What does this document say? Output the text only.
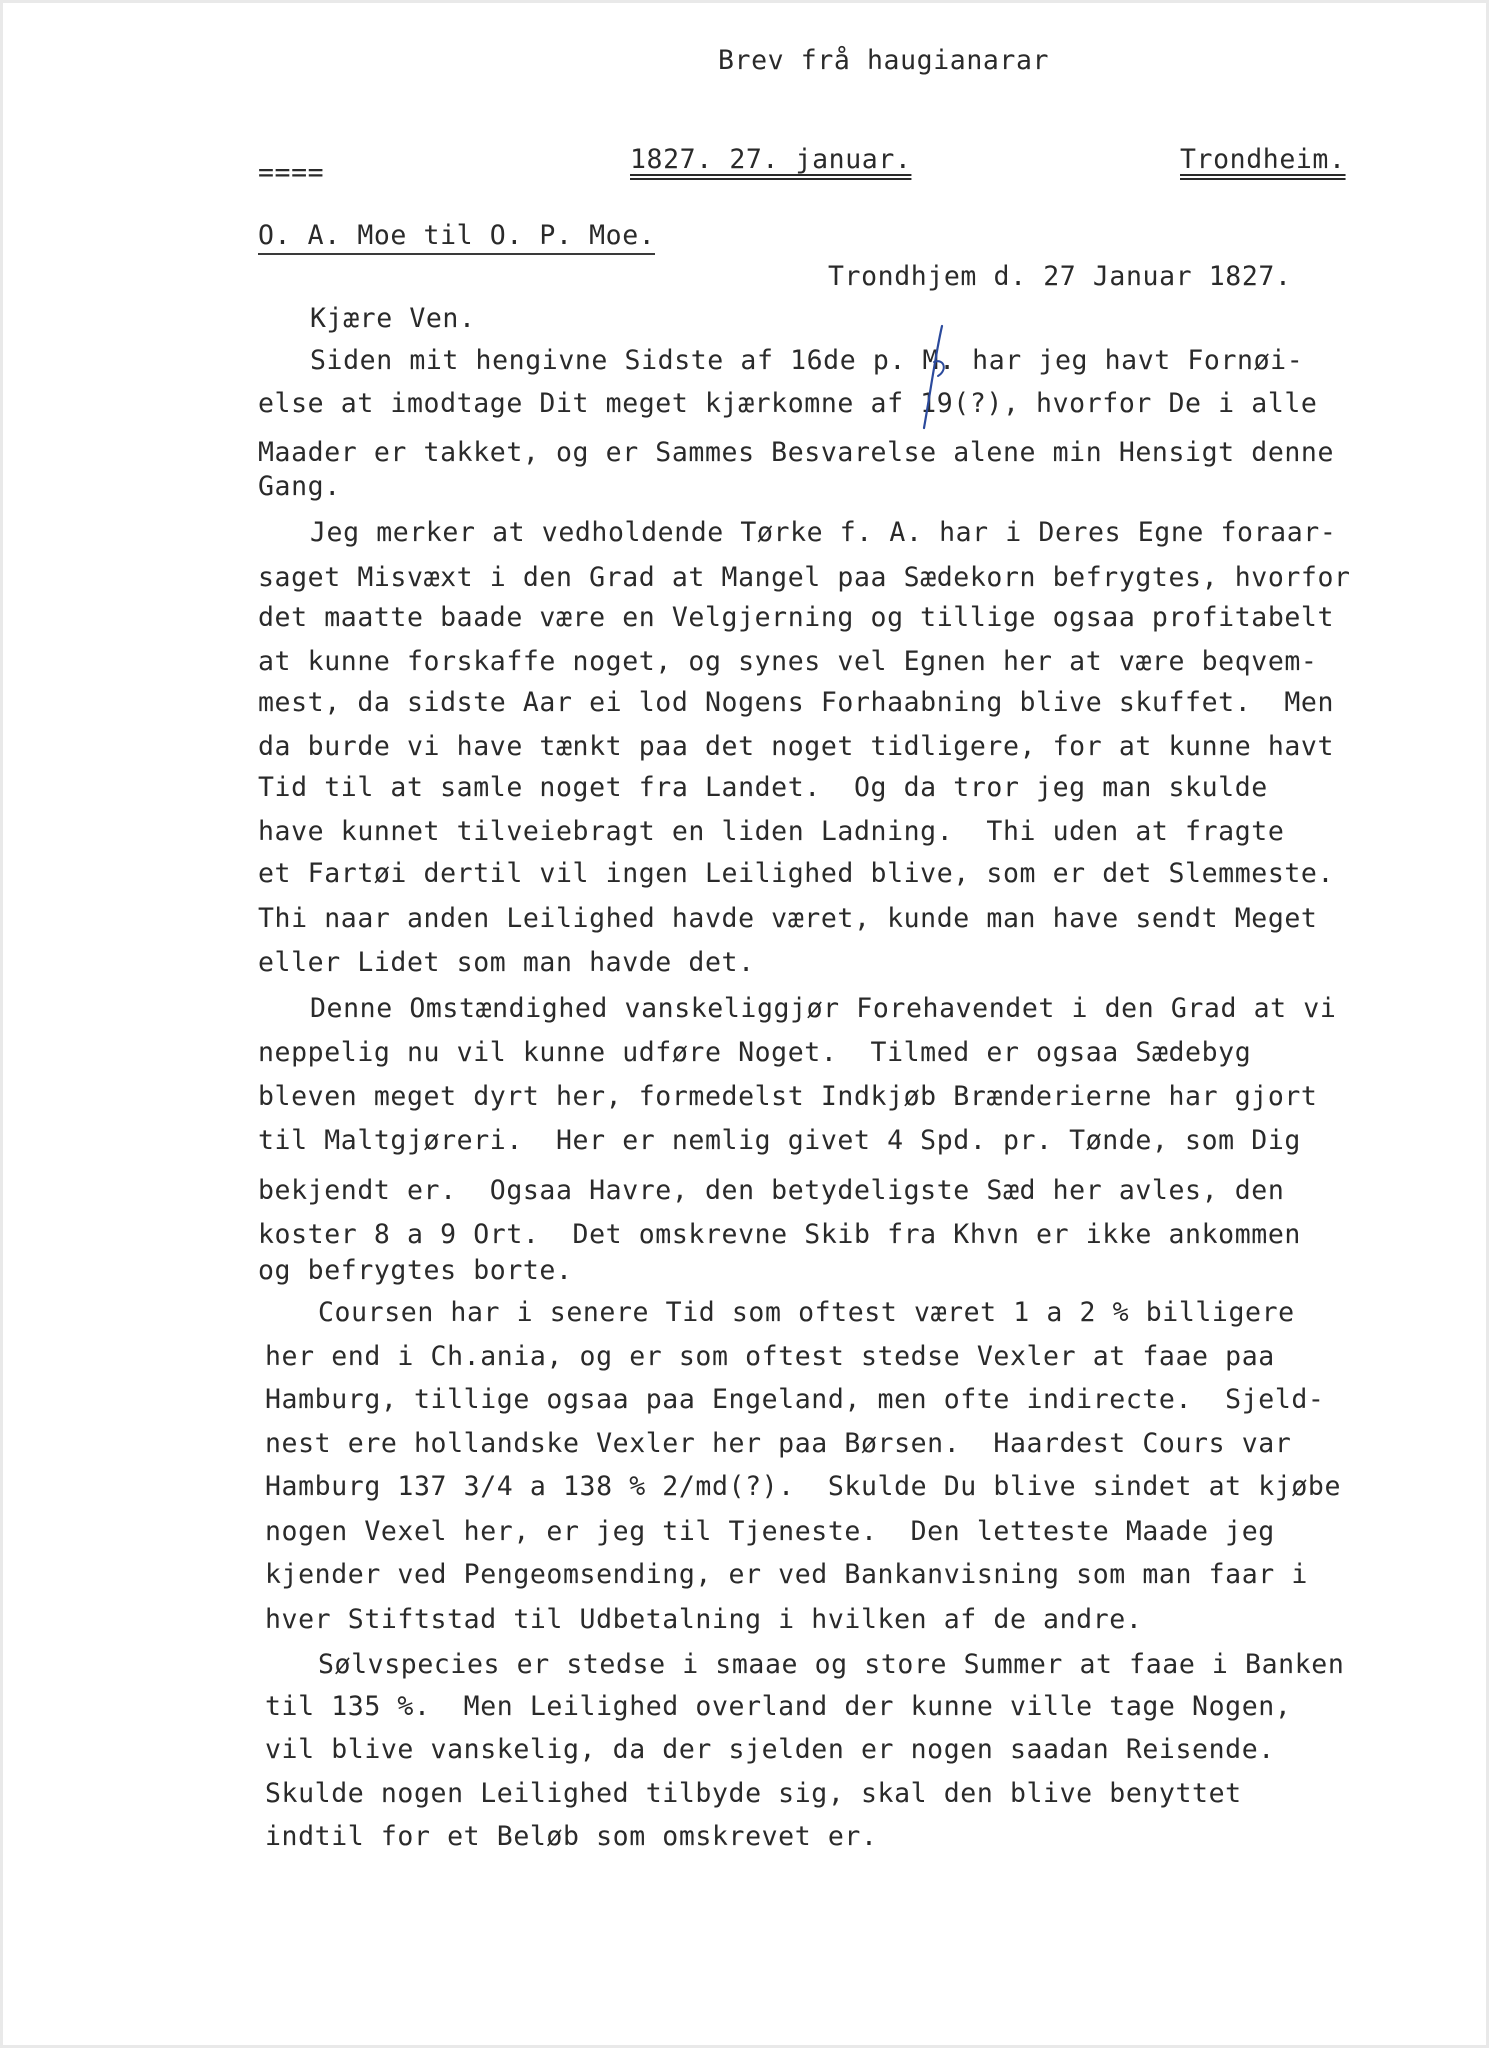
Brev frå haugianarar
====	1827. 27. januar.	Trondheim.
O. A. Moe til O. P. Moe.
Trondhjem d. 27 Januar 1827.
Kjære Ven.
Siden mit hengivne Sidste af 16de p. M. har jeg havt Fornøi-
else at imodtage Dit meget kjærkomne af 19(?), hvorfor De i alle
Maader er takket, og er Sammes Besvarelse alene min Hensigt denne
Gang.
Jeg merker at vedholdende Tørke f. A. har i Deres Egne foraar-
saget Misvæxt i den Grad at Mangel paa Sædekorn befrygtes, hvorfor
det maatte baade være en Velgjerning og tillige ogsaa profitabelt
at kunne forskaffe noget, og synes vel Egnen her at være beqvem-
mest, da sidste Aar ei lod Nogens Forhaabning blive skuffet.  Men
da burde vi have tænkt paa det noget tidligere, for at kunne havt
Tid til at samle noget fra Landet.  Og da tror jeg man skulde
have kunnet tilveiebragt en liden Ladning.  Thi uden at fragte
et Fartøi dertil vil ingen Leilighed blive, som er det Slemmeste.
Thi naar anden Leilighed havde været, kunde man have sendt Meget
eller Lidet som man havde det.
Denne Omstændighed vanskeliggjør Forehavendet i den Grad at vi
neppelig nu vil kunne udføre Noget.  Tilmed er ogsaa Sædebyg
bleven meget dyrt her, formedelst Indkjøb Brænderierne har gjort
til Maltgjøreri.  Her er nemlig givet 4 Spd. pr. Tønde, som Dig
bekjendt er.  Ogsaa Havre, den betydeligste Sæd her avles, den
koster 8 a 9 Ort.  Det omskrevne Skib fra Khvn er ikke ankommen
og befrygtes borte.
Coursen har i senere Tid som oftest været 1 a 2 % billigere
her end i Ch.ania, og er som oftest stedse Vexler at faae paa
Hamburg, tillige ogsaa paa Engeland, men ofte indirecte.  Sjeld-
nest ere hollandske Vexler her paa Børsen.  Haardest Cours var
Hamburg 137 3/4 a 138 % 2/md(?).  Skulde Du blive sindet at kjøbe
nogen Vexel her, er jeg til Tjeneste.  Den letteste Maade jeg
kjender ved Pengeomsending, er ved Bankanvisning som man faar i
hver Stiftstad til Udbetalning i hvilken af de andre.
Sølvspecies er stedse i smaae og store Summer at faae i Banken
til 135 %.  Men Leilighed overland der kunne ville tage Nogen,
vil blive vanskelig, da der sjelden er nogen saadan Reisende.
Skulde nogen Leilighed tilbyde sig, skal den blive benyttet
indtil for et Beløb som omskrevet er.
